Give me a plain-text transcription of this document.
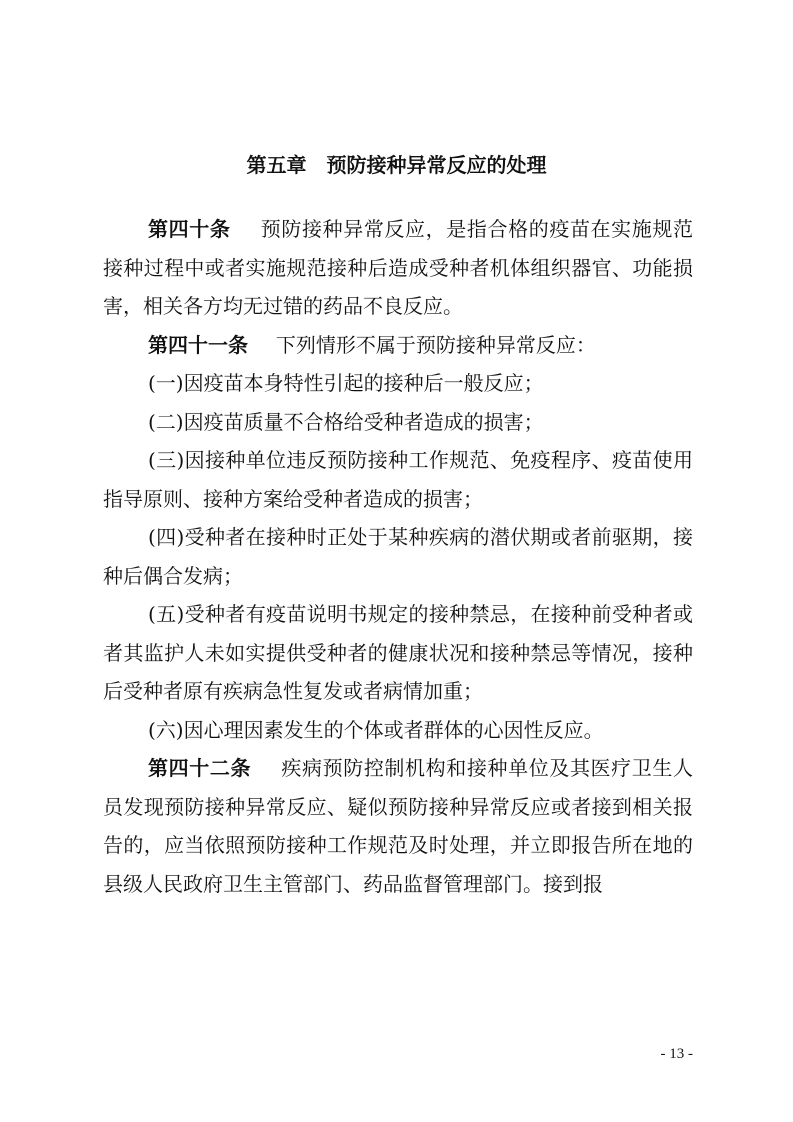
第五章　预防接种异常反应的处理

第四十条 预防接种异常反应，是指合格的疫苗在实施规范接种过程中或者实施规范接种后造成受种者机体组织器官、功能损害，相关各方均无过错的药品不良反应。

第四十一条 下列情形不属于预防接种异常反应：

(一)因疫苗本身特性引起的接种后一般反应；

(二)因疫苗质量不合格给受种者造成的损害；

(三)因接种单位违反预防接种工作规范、免疫程序、疫苗使用指导原则、接种方案给受种者造成的损害；

(四)受种者在接种时正处于某种疾病的潜伏期或者前驱期，接种后偶合发病；

(五)受种者有疫苗说明书规定的接种禁忌，在接种前受种者或者其监护人未如实提供受种者的健康状况和接种禁忌等情况，接种后受种者原有疾病急性复发或者病情加重；

(六)因心理因素发生的个体或者群体的心因性反应。

第四十二条 疾病预防控制机构和接种单位及其医疗卫生人员发现预防接种异常反应、疑似预防接种异常反应或者接到相关报告的，应当依照预防接种工作规范及时处理，并立即报告所在地的县级人民政府卫生主管部门、药品监督管理部门。接到报

- 13 -
